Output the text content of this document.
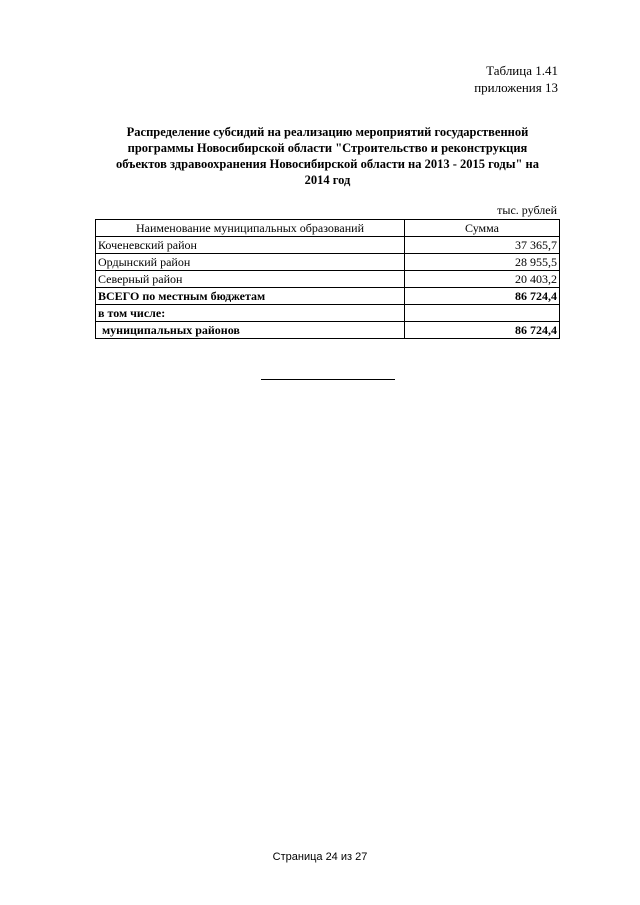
Таблица 1.41
приложения 13
Распределение субсидий на реализацию мероприятий государственной
программы Новосибирской области "Строительство и реконструкция
объектов здравоохранения Новосибирской области на 2013 - 2015 годы" на
2014 год
тыс. рублей
Наименование муниципальных образований	Сумма
Коченевский район	37 365,7
Ордынский район	28 955,5
Северный район	20 403,2
ВСЕГО по местным бюджетам	86 724,4
в том числе:	
муниципальных районов	86 724,4
Страница 24 из 27
